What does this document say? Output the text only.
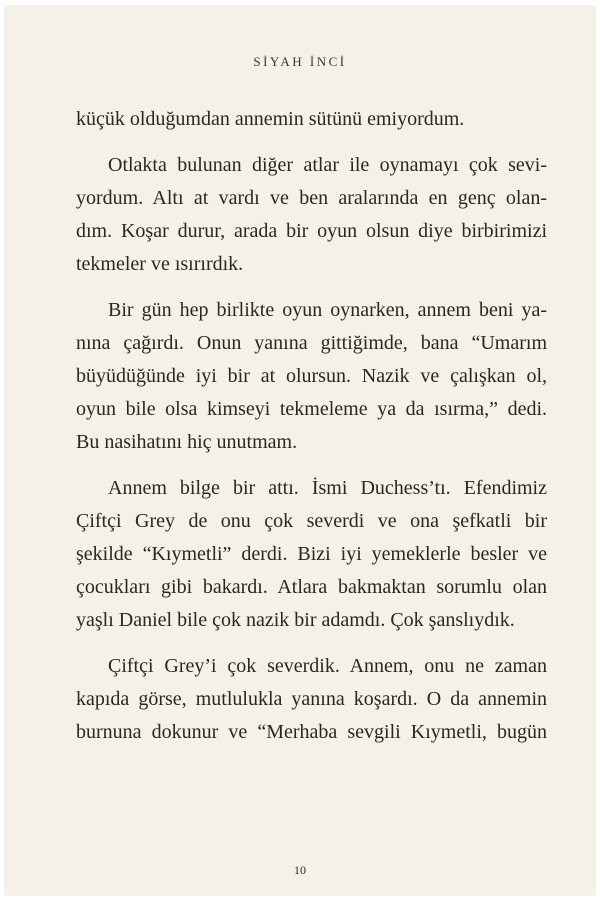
SİYAH İNCİ
küçük olduğumdan annemin sütünü emiyordum.
Otlakta bulunan diğer atlar ile oynamayı çok sevi-
yordum. Altı at vardı ve ben aralarında en genç olan-
dım. Koşar durur, arada bir oyun olsun diye birbirimizi
tekmeler ve ısırırdık.
Bir gün hep birlikte oyun oynarken, annem beni ya-
nına çağırdı. Onun yanına gittiğimde, bana “Umarım
büyüdüğünde iyi bir at olursun. Nazik ve çalışkan ol,
oyun bile olsa kimseyi tekmeleme ya da ısırma,” dedi.
Bu nasihatını hiç unutmam.
Annem bilge bir attı. İsmi Duchess’tı. Efendimiz
Çiftçi Grey de onu çok severdi ve ona şefkatli bir
şekilde “Kıymetli” derdi. Bizi iyi yemeklerle besler ve
çocukları gibi bakardı. Atlara bakmaktan sorumlu olan
yaşlı Daniel bile çok nazik bir adamdı. Çok şanslıydık.
Çiftçi Grey’i çok severdik. Annem, onu ne zaman
kapıda görse, mutlulukla yanına koşardı. O da annemin
burnuna dokunur ve “Merhaba sevgili Kıymetli, bugün
10
